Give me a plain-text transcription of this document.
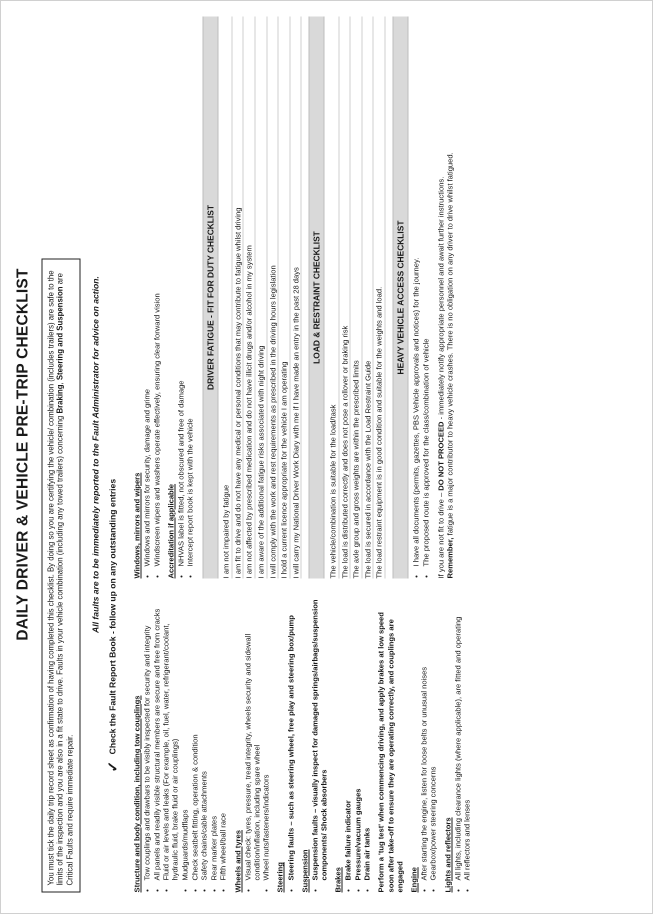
DAILY DRIVER & VEHICLE PRE-TRIP CHECKLIST	You must tick the daily trip record sheet as confirmation of having completed this checklist. By doing so you are certifying the vehicle/ combination (includes trailers) are safe to the limits of the inspection and you are also in a fit state to drive. Faults in your vehicle combination (including any towed trailers) concerning Braking, Steering and Suspension are Critical Faults and require immediate repair.
All faults are to be immediately reported to the Fault Administrator for advice on action.
✓ Check the Fault Report Book - follow up on any outstanding entries
Structure and body condition, including tow couplings • Tow couplings and drawbars to be visibly inspected for security and integrity • All panels and readily visible structural members are secure and free from cracks • Fluid or air levels and leaks (For example, oil, fuel, water, refrigerant/coolant, hydraulic fluid, brake fluid or air couplings) • Mudguards/mudflaps • Check seatbelt fitting, operation & condition • Safety chains/cable attachments • Rear marker plates • Fifth wheel/ball race Wheels and tyres • Visual check: tyres, pressure, tread integrity, wheels security and sidewall condition/inflation, including spare wheel • Wheel nuts/fasteners/indicators Steering • Steering faults – such as steering wheel, free play and steering box/pump Suspension • Suspension faults – visually inspect for damaged springs/airbags/suspension components/ Shock absorbers Brakes • Brake failure indicator • Pressure/vacuum gauges • Drain air tanks Perform a 'tug test' when commencing driving, and apply brakes at low speed soon after take-off to ensure they are operating correctly, and couplings are engaged Engine • After starting the engine, listen for loose belts or unusual noises • Gearbox/power steering concerns Lights and reflectors • All lights, including clearance lights (where applicable), are fitted and operating • All reflectors and lenses
Windows, mirrors and wipers • Windows and mirrors for security, damage and grime • Windscreen wipers and washers operate effectively, ensuring clear forward vision Accreditation if applicable • NHVAS label is fitted, not obscured and free of damage • Intercept report book is kept with the vehicle
DRIVER FATIGUE - FIT FOR DUTY CHECKLIST
I am not impaired by fatigue I am fit to drive and do not have any medical or personal conditions that may contribute to fatigue whilst driving I am not affected by prescribed medication and do not have illicit drugs and/or alcohol in my system I am aware of the additional fatigue risks associated with night driving I will comply with the work and rest requirements as prescribed in the driving hours legislation I hold a current licence appropriate for the vehicle I am operating I will carry my National Driver Work Diary with me if I have made an entry in the past 28 days	LOAD & RESTRAINT CHECKLIST
The vehicle/combination is suitable for the load/task The load is distributed correctly and does not pose a rollover or braking risk The axle group and gross weights are within the prescribed limits The load is secured in accordance with the Load Restraint Guide The load restraint equipment is in good condition and suitable for the weights and load.	HEAVY VEHICLE ACCESS CHECKLIST • I have all documents (permits, gazettes, PBS Vehicle approvals and notices) for the journey. • The proposed route is approved for the class/combination of vehicle If you are not fit to drive – DO NOT PROCEED - immediately notify appropriate personnel and await further instructions.
Remember, fatigue is a major contributor to heavy vehicle crashes. There is no obligation on any driver to drive whilst fatigued.
